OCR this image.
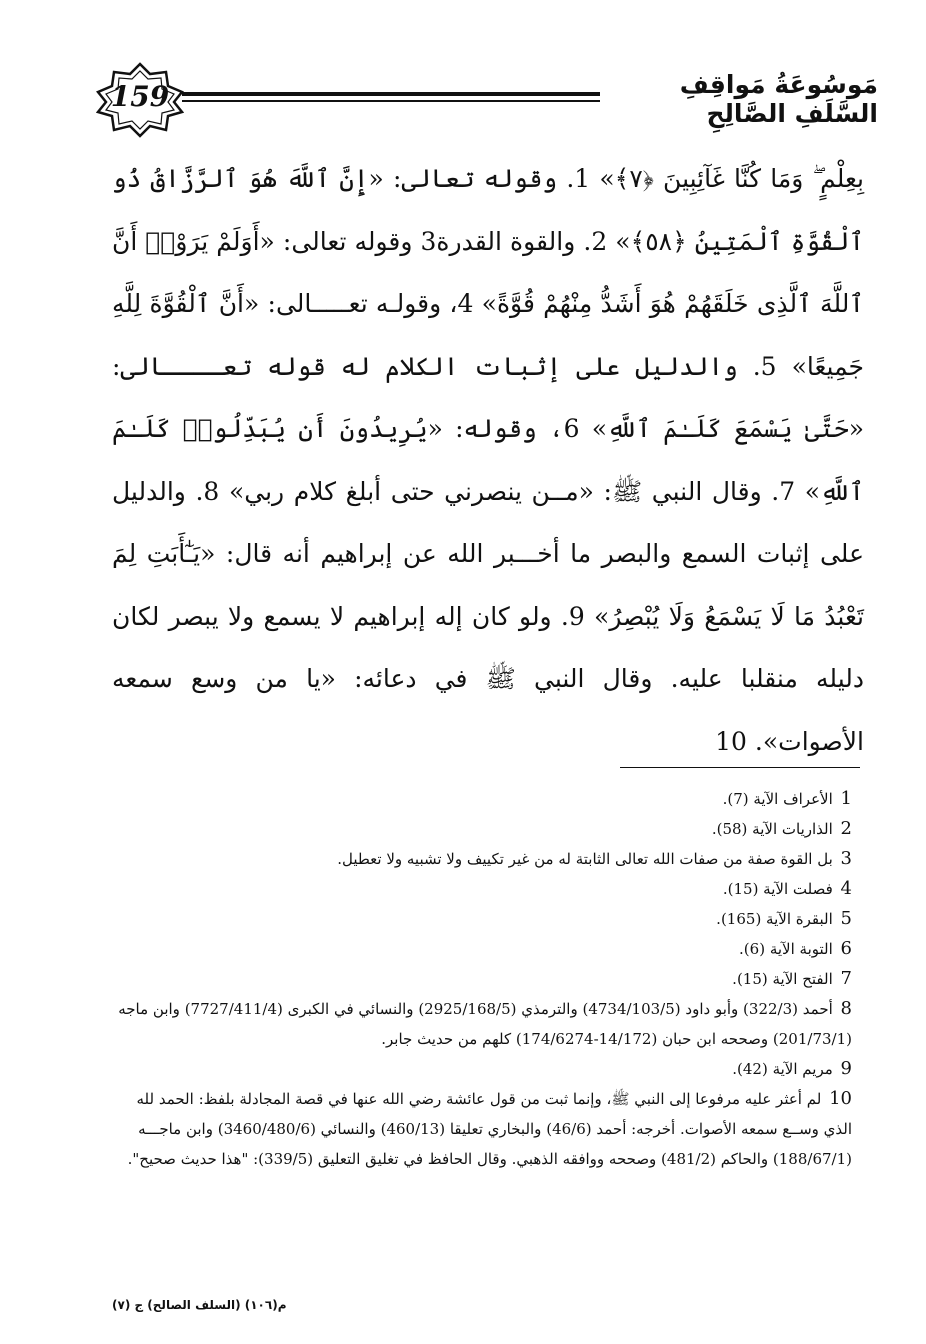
159	مَوسُوعَةُ مَواقِفِ السَّلَفِ الصَّالِحِ

بِعِلْمٍ ۖ وَمَا كُنَّا غَآئِبِينَ ﴿٧﴾» 1. وقوله تعالى: «إِنَّ ٱللَّهَ هُوَ ٱلرَّزَّاقُ ذُو ٱلْقُوَّةِ ٱلْمَتِينُ ﴿٥٨﴾» 2. والقوة القدرة3 وقوله تعالى: «أَوَلَمْ يَرَوْا۟ أَنَّ ٱللَّهَ ٱلَّذِى خَلَقَهُمْ هُوَ أَشَدُّ مِنْهُمْ قُوَّةً» 4، وقولـه تعـــــالى: «أَنَّ ٱلْقُوَّةَ لِلَّهِ جَمِيعًا» 5. والدليل على إثبات الكلام له قوله تعــــالى: «حَتَّىٰ يَسْمَعَ كَلَـٰمَ ٱللَّهِ» 6، وقوله: «يُرِيدُونَ أَن يُبَدِّلُوا۟ كَلَـٰمَ ٱللَّهِ» 7. وقال النبي ﷺ: «مــن ينصرني حتى أبلغ كلام ربي» 8. والدليل على إثبات السمع والبصر ما أخـــبر الله عن إبراهيم أنه قال: «يَـٰٓأَبَتِ لِمَ تَعْبُدُ مَا لَا يَسْمَعُ وَلَا يُبْصِرُ» 9. ولو كان إله إبراهيم لا يسمع ولا يبصر لكان دليله منقلبا عليه. وقال النبي ﷺ في دعائه: «يا من وسع سمعه الأصوات». 10

1 الأعراف الآية (7).

2 الذاريات الآية (58).

3 بل القوة صفة من صفات الله تعالى الثابتة له من غير تكييف ولا تشبيه ولا تعطيل.

4 فصلت الآية (15).

5 البقرة الآية (165).

6 التوبة الآية (6).

7 الفتح الآية (15).

8 أحمد (322/3) وأبو داود (4734/103/5) والترمذي (2925/168/5) والنسائي في الكبرى (7727/411/4) وابن ماجه (201/73/1) وصححه ابن حبان (14/172-174/6274) كلهم من حديث جابر.

9 مريم الآية (42).

10 لم أعثر عليه مرفوعا إلى النبي ﷺ، وإنما ثبت من قول عائشة رضي الله عنها في قصة المجادلة بلفظ: الحمد لله الذي وســع سمعه الأصوات. أخرجه: أحمد (46/6) والبخاري تعليقا (460/13) والنسائي (3460/480/6) وابن ماجـــه (188/67/1) والحاكم (481/2) وصححه ووافقه الذهبي. وقال الحافظ في تغليق التعليق (339/5): "هذا حديث صحيح".

م(١٠٦) (السلف الصالح) ج (٧)
